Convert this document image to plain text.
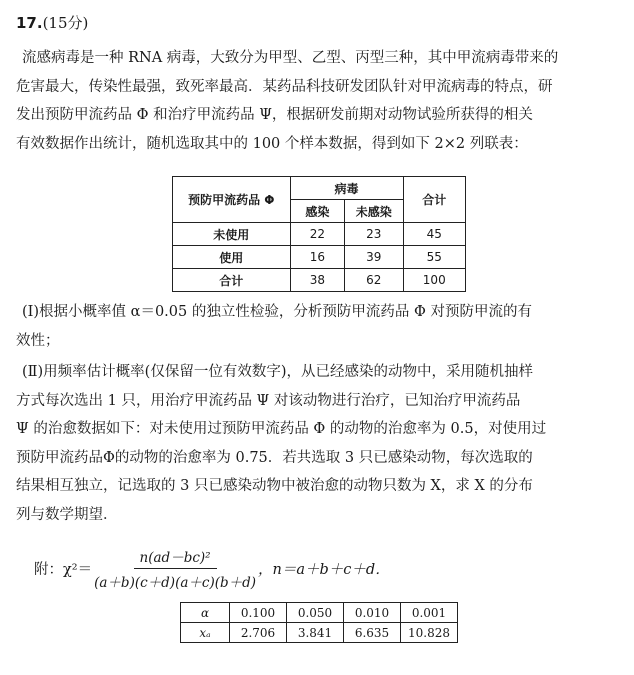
17.(15分)
流感病毒是一种 RNA 病毒，大致分为甲型、乙型、丙型三种，其中甲流病毒带来的
危害最大，传染性最强，致死率最高．某药品科技研发团队针对甲流病毒的特点，研
发出预防甲流药品 Φ 和治疗甲流药品 Ψ，根据研发前期对动物试验所获得的相关
有效数据作出统计，随机选取其中的 100 个样本数据，得到如下 2×2 列联表：
预防甲流药品 Φ	病毒		合计
	感染	未感染	
未使用	22	23	45
使用	16	39	55
合计	38	62	100
(Ⅰ)根据小概率值 α＝0.05 的独立性检验，分析预防甲流药品 Φ 对预防甲流的有
效性；
(Ⅱ)用频率估计概率(仅保留一位有效数字)，从已经感染的动物中，采用随机抽样
方式每次选出 1 只，用治疗甲流药品 Ψ 对该动物进行治疗，已知治疗甲流药品
Ψ 的治愈数据如下：对未使用过预防甲流药品 Φ 的动物的治愈率为 0.5，对使用过
预防甲流药品Φ的动物的治愈率为 0.75．若共选取 3 只已感染动物，每次选取的
结果相互独立，记选取的 3 只已感染动物中被治愈的动物只数为 X，求 X 的分布
列与数学期望．
附：$\chi^2= \frac{\text{n(ad－bc)²}}{(a+b)(c+d)(a+c)(b+d)}$ ，n＝a＋b＋c＋d．
α	0.100	0.050	0.010	0.001
xₐ	2.706	3.841	6.635	10.828
